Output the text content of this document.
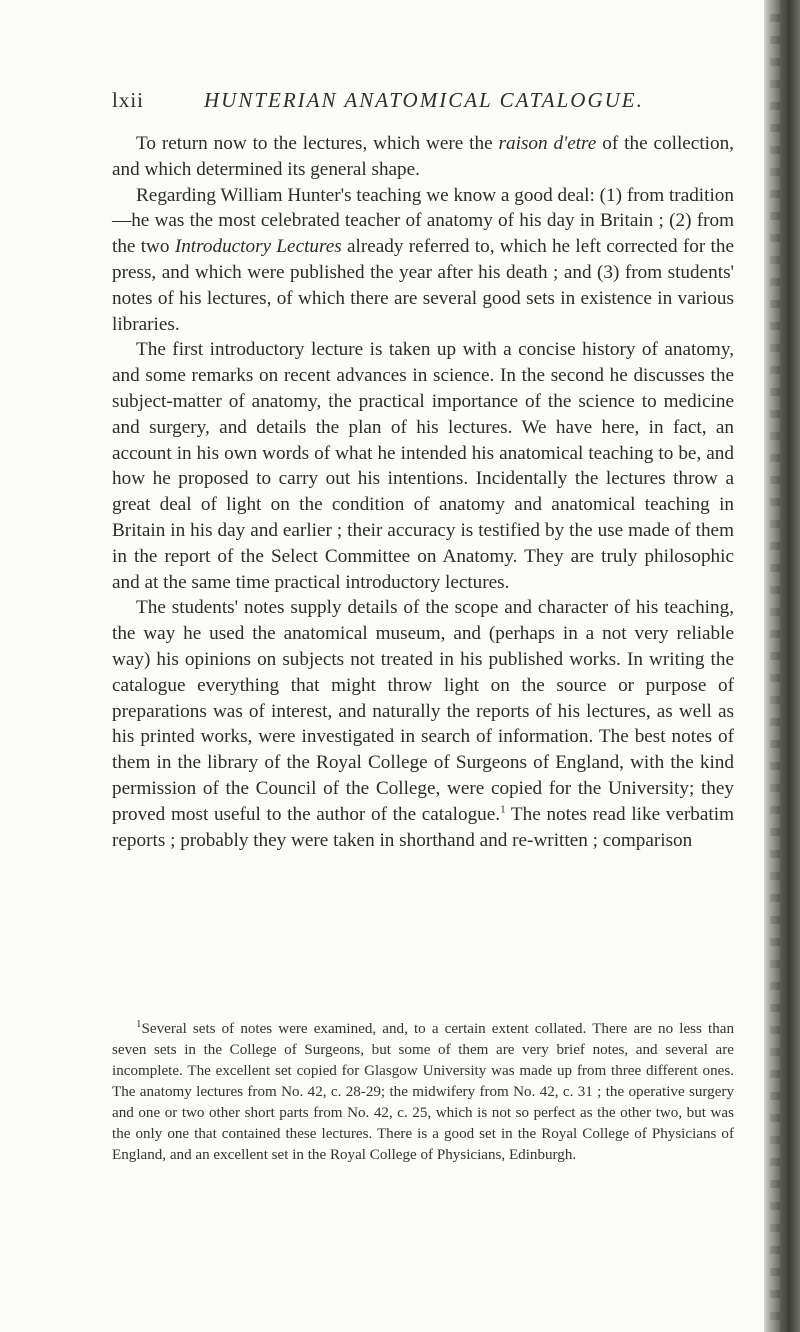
lxii	HUNTERIAN ANATOMICAL CATALOGUE.

To return now to the lectures, which were the raison d'etre of the collection, and which determined its general shape.

Regarding William Hunter's teaching we know a good deal: (1) from tradition—he was the most celebrated teacher of anatomy of his day in Britain ; (2) from the two Introductory Lectures already referred to, which he left corrected for the press, and which were published the year after his death ; and (3) from students' notes of his lectures, of which there are several good sets in existence in various libraries.

The first introductory lecture is taken up with a concise history of anatomy, and some remarks on recent advances in science. In the second he discusses the subject-matter of anatomy, the practical importance of the science to medicine and surgery, and details the plan of his lectures. We have here, in fact, an account in his own words of what he intended his anatomical teaching to be, and how he proposed to carry out his intentions. Incidentally the lectures throw a great deal of light on the condition of anatomy and anatomical teaching in Britain in his day and earlier ; their accuracy is testified by the use made of them in the report of the Select Committee on Anatomy. They are truly philosophic and at the same time practical introductory lectures.

The students' notes supply details of the scope and character of his teaching, the way he used the anatomical museum, and (perhaps in a not very reliable way) his opinions on subjects not treated in his published works. In writing the catalogue everything that might throw light on the source or purpose of preparations was of interest, and naturally the reports of his lectures, as well as his printed works, were investigated in search of information. The best notes of them in the library of the Royal College of Surgeons of England, with the kind permission of the Council of the College, were copied for the University; they proved most useful to the author of the catalogue.$^1$ The notes read like verbatim reports ; probably they were taken in shorthand and re-written ; comparison

$^1$Several sets of notes were examined, and, to a certain extent collated. There are no less than seven sets in the College of Surgeons, but some of them are very brief notes, and several are incomplete. The excellent set copied for Glasgow University was made up from three different ones. The anatomy lectures from No. 42, c. 28-29; the midwifery from No. 42, c. 31 ; the operative surgery and one or two other short parts from No. 42, c. 25, which is not so perfect as the other two, but was the only one that contained these lectures. There is a good set in the Royal College of Physicians of England, and an excellent set in the Royal College of Physicians, Edinburgh.
